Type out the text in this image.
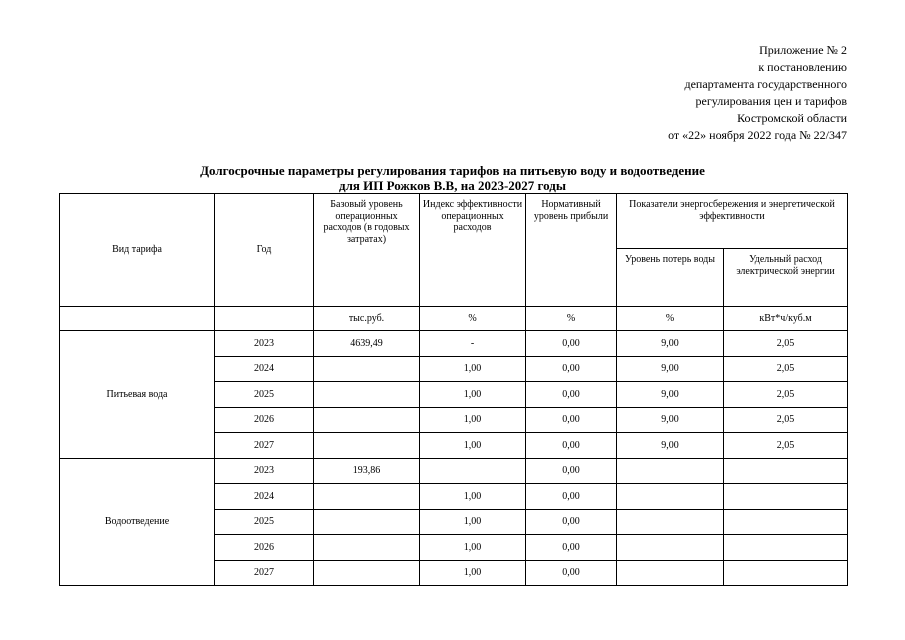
Приложение № 2
к постановлению
департамента государственного
регулирования цен и тарифов
Костромской области
от «22» ноября 2022 года № 22/347
Долгосрочные параметры регулирования тарифов на питьевую воду и водоотведение
для ИП Рожков В.В, на 2023-2027 годы
Вид тарифа	Год	Базовый уровень операционных расходов (в годовых затратах)	Индекс эффективности операционных расходов	Нормативный уровень прибыли	Показатели энергосбережения и энергетической эффективности	
					Уровень потерь воды	Удельный расход электрической энергии
		тыс.руб.	%	%	%	кВт*ч/куб.м
Питьевая вода	2023	4639,49	-	0,00	9,00	2,05
	2024		1,00	0,00	9,00	2,05
	2025		1,00	0,00	9,00	2,05
	2026		1,00	0,00	9,00	2,05
	2027		1,00	0,00	9,00	2,05
Водоотведение	2023	193,86		0,00		
	2024		1,00	0,00		
	2025		1,00	0,00		
	2026		1,00	0,00		
	2027		1,00	0,00		
